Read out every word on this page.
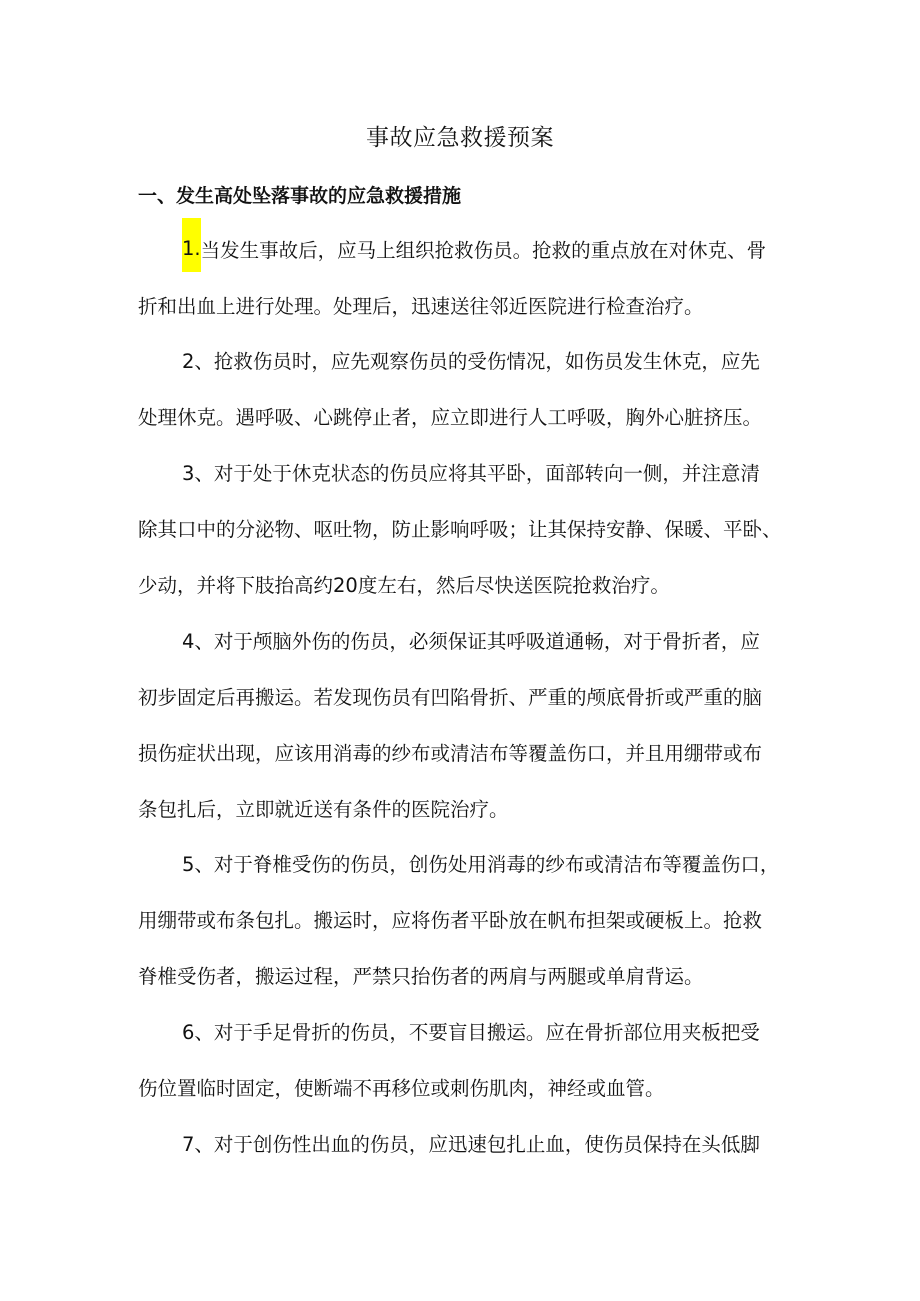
事故应急救援预案
一、发生高处坠落事故的应急救援措施
1.当发生事故后，应马上组织抢救伤员。抢救的重点放在对休克、骨
折和出血上进行处理。处理后，迅速送往邻近医院进行检查治疗。
2、抢救伤员时，应先观察伤员的受伤情况，如伤员发生休克，应先
处理休克。遇呼吸、心跳停止者，应立即进行人工呼吸，胸外心脏挤压。
3、对于处于休克状态的伤员应将其平卧，面部转向一侧，并注意清
除其口中的分泌物、呕吐物，防止影响呼吸；让其保持安静、保暖、平卧、
少动，并将下肢抬高约20度左右，然后尽快送医院抢救治疗。
4、对于颅脑外伤的伤员，必须保证其呼吸道通畅，对于骨折者，应
初步固定后再搬运。若发现伤员有凹陷骨折、严重的颅底骨折或严重的脑
损伤症状出现，应该用消毒的纱布或清洁布等覆盖伤口，并且用绷带或布
条包扎后，立即就近送有条件的医院治疗。
5、对于脊椎受伤的伤员，创伤处用消毒的纱布或清洁布等覆盖伤口，
用绷带或布条包扎。搬运时，应将伤者平卧放在帆布担架或硬板上。抢救
脊椎受伤者，搬运过程，严禁只抬伤者的两肩与两腿或单肩背运。
6、对于手足骨折的伤员，不要盲目搬运。应在骨折部位用夹板把受
伤位置临时固定，使断端不再移位或刺伤肌肉，神经或血管。
7、对于创伤性出血的伤员，应迅速包扎止血，使伤员保持在头低脚
